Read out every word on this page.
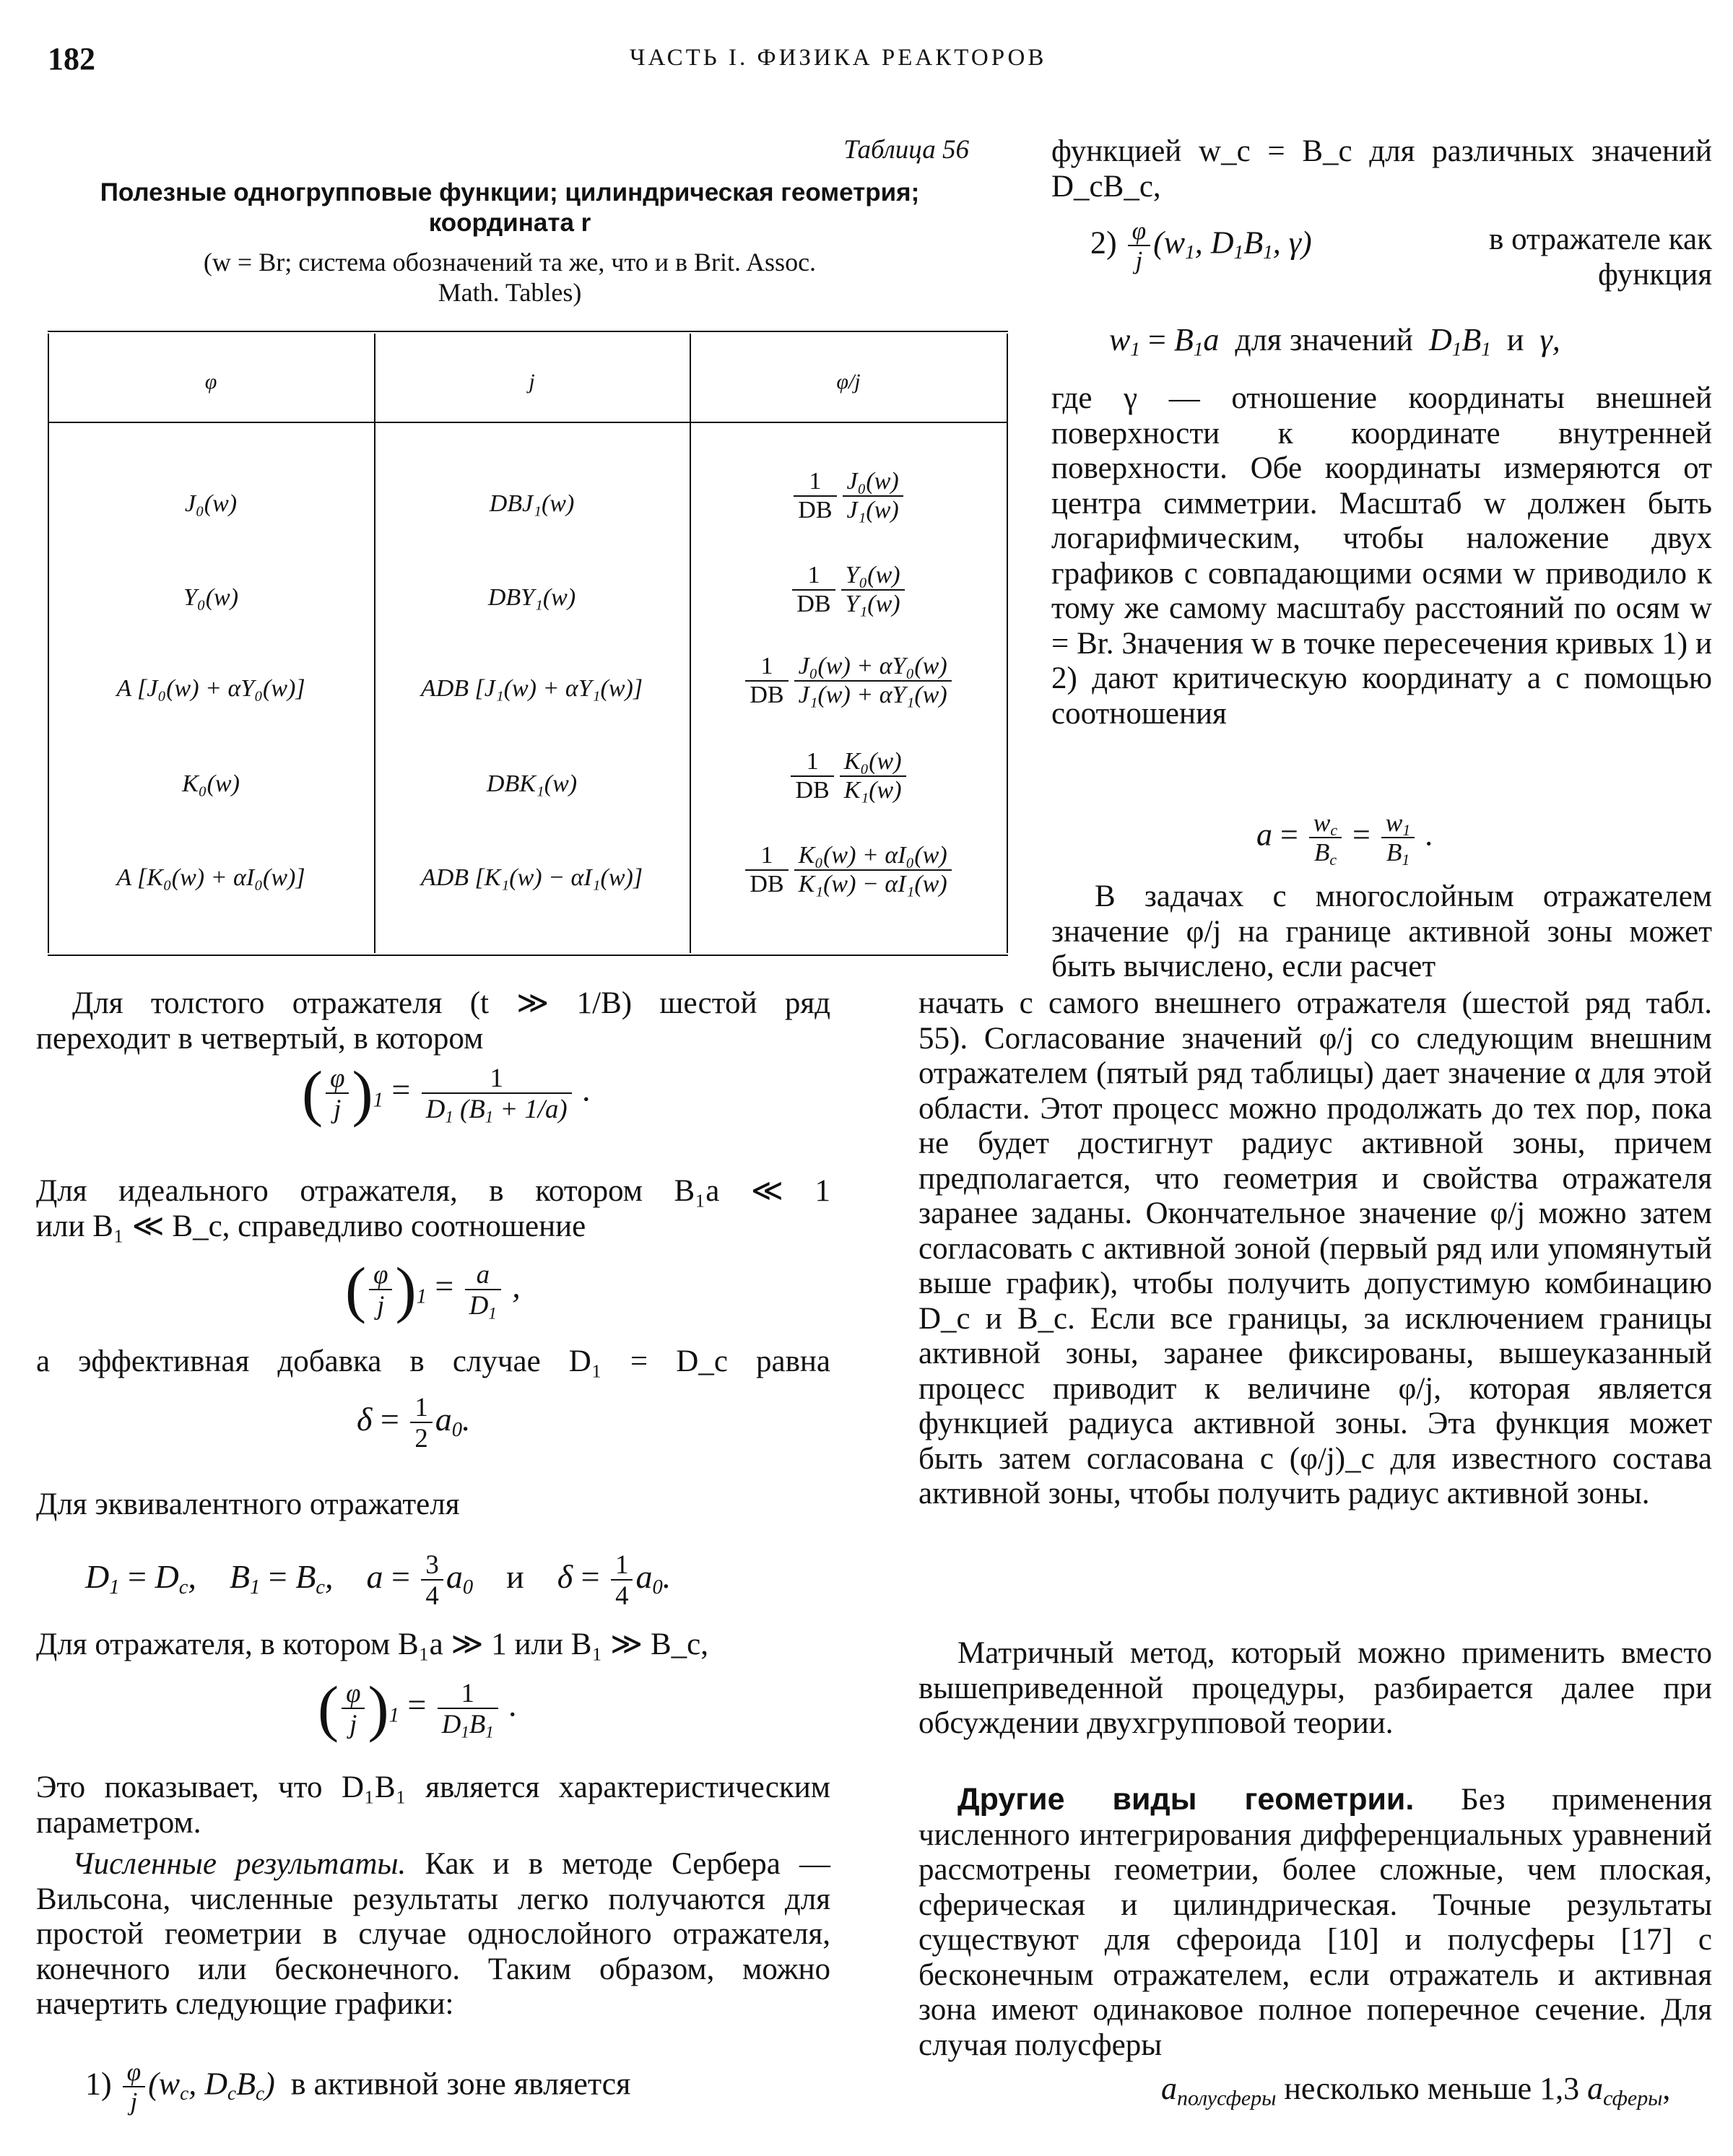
182	ЧАСТЬ I. ФИЗИКА РЕАКТОРОВ
Таблица 56
Полезные одногрупповые функции; цилиндрическая геометрия;
координата r
(w = Br; система обозначений та же, что и в Brit. Assoc.
Math. Tables)
φ	j	φ/j
J₀(w)	DBJ₁(w)	$\frac{1}{DB} \frac{\text{J₀(w)}}{\text{J₁(w)}}$
Y₀(w)	DBY₁(w)	$\frac{1}{DB} \frac{\text{Y₀(w)}}{\text{Y₁(w)}}$
A [J₀(w) + αY₀(w)]	ADB [J₁(w) + αY₁(w)]	$\frac{1}{DB} \frac{\text{J₀(w) + αY₀(w)}}{\text{J₁(w) + αY₁(w)}}$
K₀(w)	DBK₁(w)	$\frac{1}{DB} \frac{\text{K₀(w)}}{\text{K₁(w)}}$
A [K₀(w) + αI₀(w)]	ADB [K₁(w) − αI₁(w)]	$\frac{1}{DB} \frac{\text{K₀(w) + αI₀(w)}}{\text{K₁(w) − αI₁(w)}}$
Для толстого отражателя (t ≫ 1/B) шестой ряд переходит в четвертый, в котором
( $\frac{\varphi}{j} )_1 = \frac{1}{D_1 (B_1 + 1/a)}$ .
Для идеального отражателя, в котором B₁a ≪ 1
или B₁ ≪ B_c, справедливо соотношение
( $\frac{\varphi}{j} )_1 = \frac{a}{D_1}$ ,
а эффективная добавка в случае D₁ = D_c равна
$\delta = \frac{1}{2} a_0$.
Для эквивалентного отражателя
$D_1 = D_c$,    $B_1 = B_c$,    $a = \frac{3}{4} a_0$ и    $\delta = \frac{1}{4} a_0$.
Для отражателя, в котором B₁a ≫ 1 или B₁ ≫ B_c,
( $\frac{\varphi}{j} )_1 = \frac{1}{D_1B_1}$ .
Это показывает, что D₁B₁ является характеристическим параметром.
Численные результаты. Как и в методе Сербера — Вильсона, численные результаты легко получаются для простой геометрии в случае однослойного отражателя, конечного или бесконечного. Таким образом, можно начертить следующие графики:
$1) \frac{\varphi}{j} (w_c$, $D_cB_c$)  в активной зоне является
функцией w_c = B_c для различных значений D_cB_c,
$2) \frac{\varphi}{j} (w_1$, $D_1B_1$, γ)	в отражателе как функция
$w_1 = B_1a$  для значений  $D_1B_1$ и  γ,
где γ — отношение координаты внешней поверхности к координате внутренней поверхности. Обе координаты измеряются от центра симметрии. Масштаб w должен быть логарифмическим, чтобы наложение двух графиков с совпадающими осями w приводило к тому же самому масштабу расстояний по осям w = Br. Значения w в точке пересечения кривых 1) и 2) дают критическую координату a с помощью соотношения
$a = \frac{w_c}{B_c} = \frac{w_1}{B_1}$ .
В задачах с многослойным отражателем значение φ/j на границе активной зоны может быть вычислено, если расчет
начать с самого внешнего отражателя (шестой ряд табл. 55). Согласование значений φ/j со следующим внешним отражателем (пятый ряд таблицы) дает значение α для этой области. Этот процесс можно продолжать до тех пор, пока не будет достигнут радиус активной зоны, причем предполагается, что геометрия и свойства отражателя заранее заданы. Окончательное значение φ/j можно затем согласовать с активной зоной (первый ряд или упомянутый выше график), чтобы получить допустимую комбинацию D_c и B_c. Если все границы, за исключением границы активной зоны, заранее фиксированы, вышеуказанный процесс приводит к величине φ/j, которая является функцией радиуса активной зоны. Эта функция может быть затем согласована с (φ/j)_c для известного состава активной зоны, чтобы получить радиус активной зоны.
Матричный метод, который можно применить вместо вышеприведенной процедуры, разбирается далее при обсуждении двухгрупповой теории.
Другие виды геометрии. Без применения численного интегрирования дифференциальных уравнений рассмотрены геометрии, более сложные, чем плоская, сферическая и цилиндрическая. Точные результаты существуют для сфероида [10] и полусферы [17] с бесконечным отражателем, если отражатель и активная зона имеют одинаковое полное поперечное сечение. Для случая полусферы
$a_{полусферы}$ несколько меньше 1,3 $a_{сферы}$,
